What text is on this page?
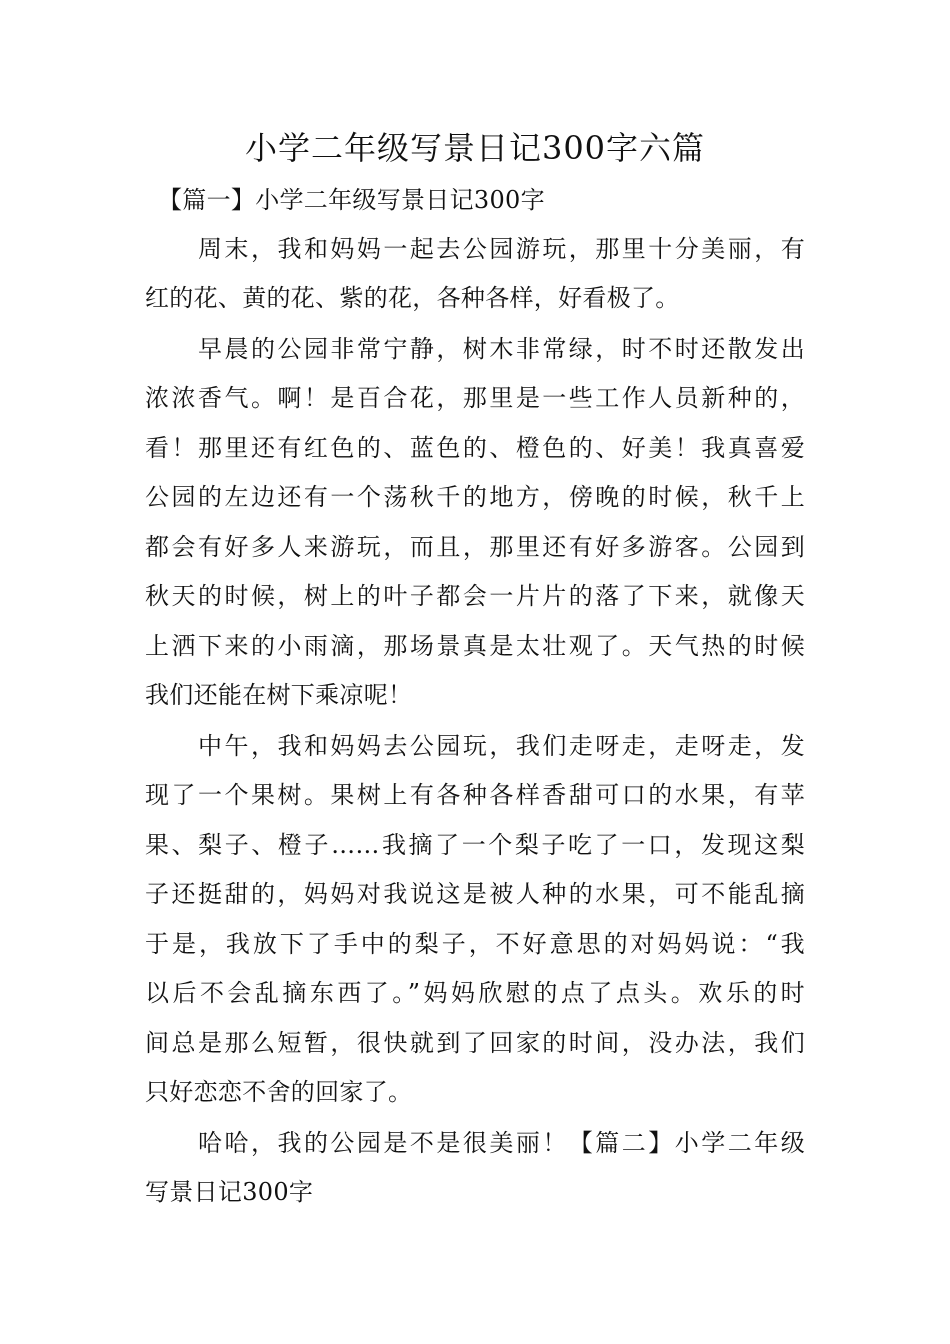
小学二年级写景日记300字六篇
【篇一】小学二年级写景日记300字
周末，我和妈妈一起去公园游玩，那里十分美丽，有
红的花、黄的花、紫的花，各种各样，好看极了。
早晨的公园非常宁静，树木非常绿，时不时还散发出
浓浓香气。啊！是百合花，那里是一些工作人员新种的，
看！那里还有红色的、蓝色的、橙色的、好美！我真喜爱
公园的左边还有一个荡秋千的地方，傍晚的时候，秋千上
都会有好多人来游玩，而且，那里还有好多游客。公园到
秋天的时候，树上的叶子都会一片片的落了下来，就像天
上洒下来的小雨滴，那场景真是太壮观了。天气热的时候
我们还能在树下乘凉呢！
中午，我和妈妈去公园玩，我们走呀走，走呀走，发
现了一个果树。果树上有各种各样香甜可口的水果，有苹
果、梨子、橙子……我摘了一个梨子吃了一口，发现这梨
子还挺甜的，妈妈对我说这是被人种的水果，可不能乱摘
于是，我放下了手中的梨子，不好意思的对妈妈说：“我
以后不会乱摘东西了。”妈妈欣慰的点了点头。欢乐的时
间总是那么短暂，很快就到了回家的时间，没办法，我们
只好恋恋不舍的回家了。
哈哈，我的公园是不是很美丽！【篇二】小学二年级
写景日记300字
